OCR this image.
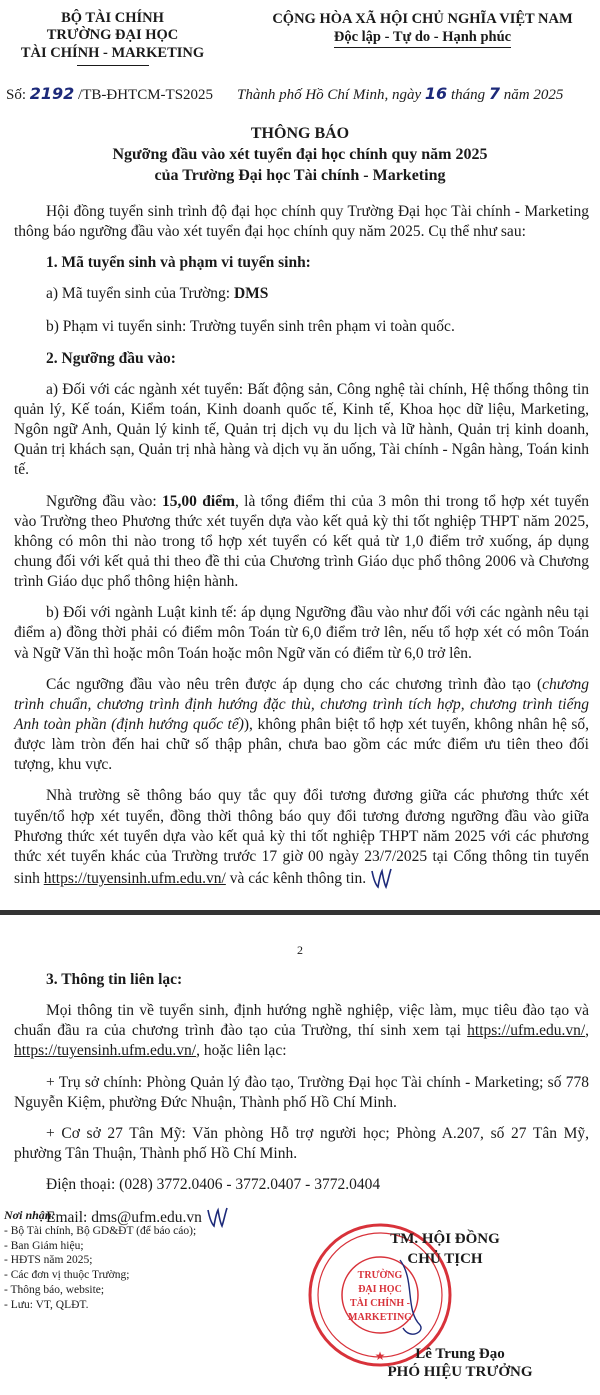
BỘ TÀI CHÍNH
TRƯỜNG ĐẠI HỌC
TÀI CHÍNH - MARKETING
CỘNG HÒA XÃ HỘI CHỦ NGHĨA VIỆT NAM
Độc lập - Tự do - Hạnh phúc
Số: 2192 /TB-ĐHTCM-TS2025 Thành phố Hồ Chí Minh, ngày 16 tháng 7 năm 2025
THÔNG BÁO
Ngưỡng đầu vào xét tuyển đại học chính quy năm 2025
của Trường Đại học Tài chính - Marketing

Hội đồng tuyển sinh trình độ đại học chính quy Trường Đại học Tài chính - Marketing thông báo ngưỡng đầu vào xét tuyển đại học chính quy năm 2025. Cụ thể như sau:

1. Mã tuyển sinh và phạm vi tuyển sinh:

a) Mã tuyển sinh của Trường: DMS

b) Phạm vi tuyển sinh: Trường tuyển sinh trên phạm vi toàn quốc.

2. Ngưỡng đầu vào:

a) Đối với các ngành xét tuyển: Bất động sản, Công nghệ tài chính, Hệ thống thông tin quản lý, Kế toán, Kiểm toán, Kinh doanh quốc tế, Kinh tế, Khoa học dữ liệu, Marketing, Ngôn ngữ Anh, Quản lý kinh tế, Quản trị dịch vụ du lịch và lữ hành, Quản trị kinh doanh, Quản trị khách sạn, Quản trị nhà hàng và dịch vụ ăn uống, Tài chính - Ngân hàng, Toán kinh tế.

Ngưỡng đầu vào: 15,00 điểm, là tổng điểm thi của 3 môn thi trong tổ hợp xét tuyển vào Trường theo Phương thức xét tuyển dựa vào kết quả kỳ thi tốt nghiệp THPT năm 2025, không có môn thi nào trong tổ hợp xét tuyển có kết quả từ 1,0 điểm trở xuống, áp dụng chung đối với kết quả thi theo đề thi của Chương trình Giáo dục phổ thông 2006 và Chương trình Giáo dục phổ thông hiện hành.

b) Đối với ngành Luật kinh tế: áp dụng Ngưỡng đầu vào như đối với các ngành nêu tại điểm a) đồng thời phải có điểm môn Toán từ 6,0 điểm trở lên, nếu tổ hợp xét có môn Toán và Ngữ Văn thì hoặc môn Toán hoặc môn Ngữ văn có điểm từ 6,0 trở lên.

Các ngưỡng đầu vào nêu trên được áp dụng cho các chương trình đào tạo (chương trình chuẩn, chương trình định hướng đặc thù, chương trình tích hợp, chương trình tiếng Anh toàn phần (định hướng quốc tế)), không phân biệt tổ hợp xét tuyển, không nhân hệ số, được làm tròn đến hai chữ số thập phân, chưa bao gồm các mức điểm ưu tiên theo đối tượng, khu vực.

Nhà trường sẽ thông báo quy tắc quy đổi tương đương giữa các phương thức xét tuyển/tổ hợp xét tuyển, đồng thời thông báo quy đổi tương đương ngưỡng đầu vào giữa Phương thức xét tuyển dựa vào kết quả kỳ thi tốt nghiệp THPT năm 2025 với các phương thức xét tuyển khác của Trường trước 17 giờ 00 ngày 23/7/2025 tại Cổng thông tin tuyển sinh https://tuyensinh.ufm.edu.vn/ và các kênh thông tin.

2

3. Thông tin liên lạc:

Mọi thông tin về tuyển sinh, định hướng nghề nghiệp, việc làm, mục tiêu đào tạo và chuẩn đầu ra của chương trình đào tạo của Trường, thí sinh xem tại https://ufm.edu.vn/, https://tuyensinh.ufm.edu.vn/, hoặc liên lạc:

+ Trụ sở chính: Phòng Quản lý đào tạo, Trường Đại học Tài chính - Marketing; số 778 Nguyễn Kiệm, phường Đức Nhuận, Thành phố Hồ Chí Minh.

+ Cơ sở 27 Tân Mỹ: Văn phòng Hỗ trợ người học; Phòng A.207, số 27 Tân Mỹ, phường Tân Thuận, Thành phố Hồ Chí Minh.

Điện thoại: (028) 3772.0406 - 3772.0407 - 3772.0404

Email: dms@ufm.edu.vn

Nơi nhận:
- Bộ Tài chính, Bộ GD&ĐT (để báo cáo);
- Ban Giám hiệu;
- HĐTS năm 2025;
- Các đơn vị thuộc Trường;
- Thông báo, website;
- Lưu: VT, QLĐT.
TRƯỜNG
ĐẠI HỌC
TÀI CHÍNH -
MARKETING
★
TM. HỘI ĐỒNG
CHỦ TỊCH
Lê Trung Đạo
PHÓ HIỆU TRƯỞNG
